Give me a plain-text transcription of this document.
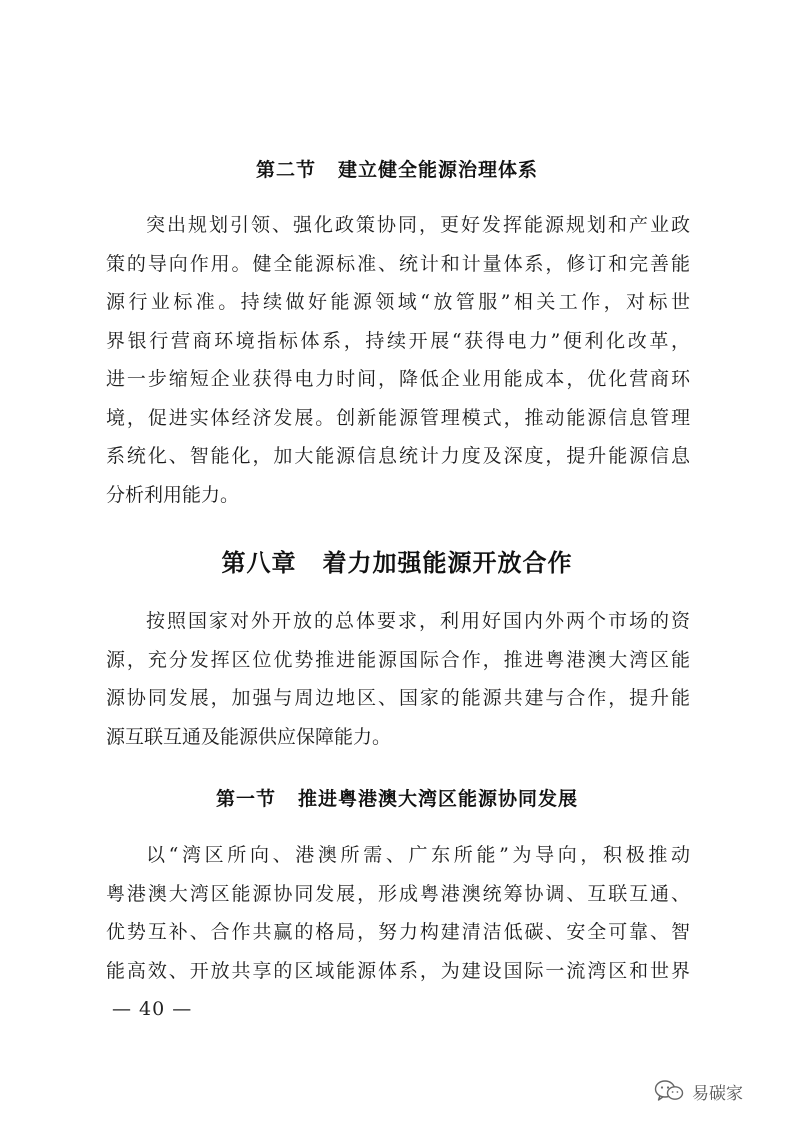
第二节 建立健全能源治理体系
突出规划引领、强化政策协同，更好发挥能源规划和产业政
策的导向作用。健全能源标准、统计和计量体系，修订和完善能
源行业标准。持续做好能源领域“放管服”相关工作，对标世
界银行营商环境指标体系，持续开展“获得电力”便利化改革，
进一步缩短企业获得电力时间，降低企业用能成本，优化营商环
境，促进实体经济发展。创新能源管理模式，推动能源信息管理
系统化、智能化，加大能源信息统计力度及深度，提升能源信息
分析利用能力。
第八章 着力加强能源开放合作
按照国家对外开放的总体要求，利用好国内外两个市场的资
源，充分发挥区位优势推进能源国际合作，推进粤港澳大湾区能
源协同发展，加强与周边地区、国家的能源共建与合作，提升能
源互联互通及能源供应保障能力。
第一节 推进粤港澳大湾区能源协同发展
以“湾区所向、港澳所需、广东所能”为导向，积极推动
粤港澳大湾区能源协同发展，形成粤港澳统筹协调、互联互通、
优势互补、合作共赢的格局，努力构建清洁低碳、安全可靠、智
能高效、开放共享的区域能源体系，为建设国际一流湾区和世界
— 40 —
易碳家
